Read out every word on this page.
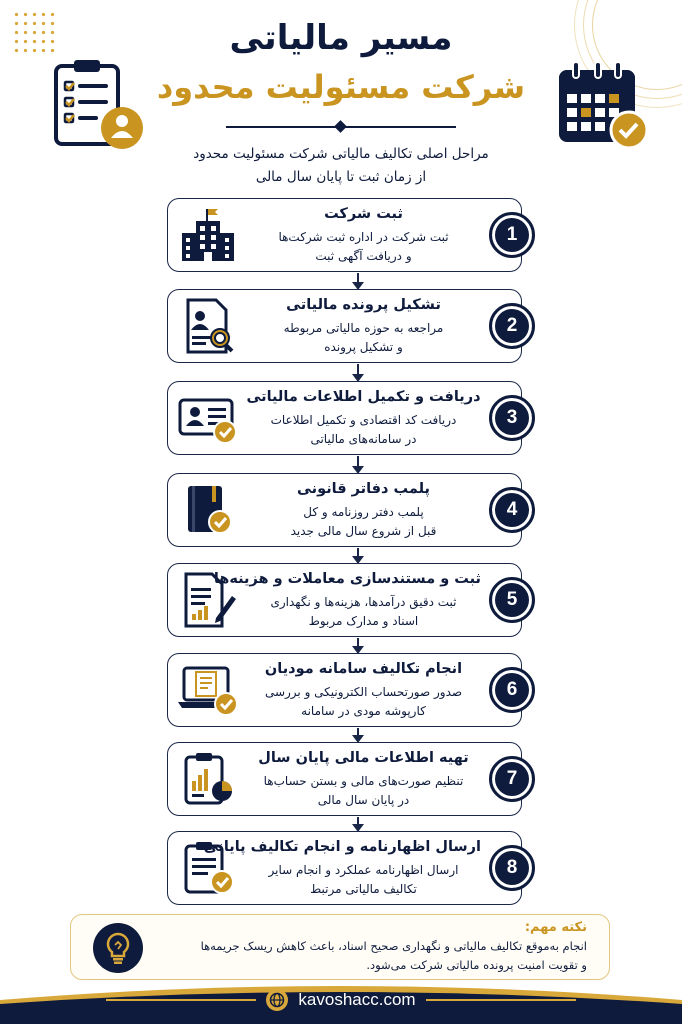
مسیر مالیاتی
شرکت مسئولیت محدود
مراحل اصلی تکالیف مالیاتی شرکت مسئولیت محدود
از زمان ثبت تا پایان سال مالی
ثبت شرکت
ثبت شرکت در اداره ثبت شرکت‌ها
و دریافت آگهی ثبت
1
تشکیل پرونده مالیاتی
مراجعه به حوزه مالیاتی مربوطه
و تشکیل پرونده
2
دریافت و تکمیل اطلاعات مالیاتی
دریافت کد اقتصادی و تکمیل اطلاعات
در سامانه‌های مالیاتی
3
پلمب دفاتر قانونی
پلمب دفتر روزنامه و کل
قبل از شروع سال مالی جدید
4
ثبت و مستندسازی معاملات و هزینه‌ها
ثبت دقیق درآمدها، هزینه‌ها و نگهداری
اسناد و مدارک مربوط
5
انجام تکالیف سامانه مودیان
صدور صورتحساب الکترونیکی و بررسی
کارپوشه مودی در سامانه
6
تهیه اطلاعات مالی پایان سال
تنظیم صورت‌های مالی و بستن حساب‌ها
در پایان سال مالی
7
ارسال اظهارنامه و انجام تکالیف پایانی
ارسال اظهارنامه عملکرد و انجام سایر
تکالیف مالیاتی مرتبط
8
نکته مهم:
انجام به‌موقع تکالیف مالیاتی و نگهداری صحیح اسناد، باعث کاهش ریسک جریمه‌ها
و تقویت امنیت پرونده مالیاتی شرکت می‌شود.
kavoshacc.com
